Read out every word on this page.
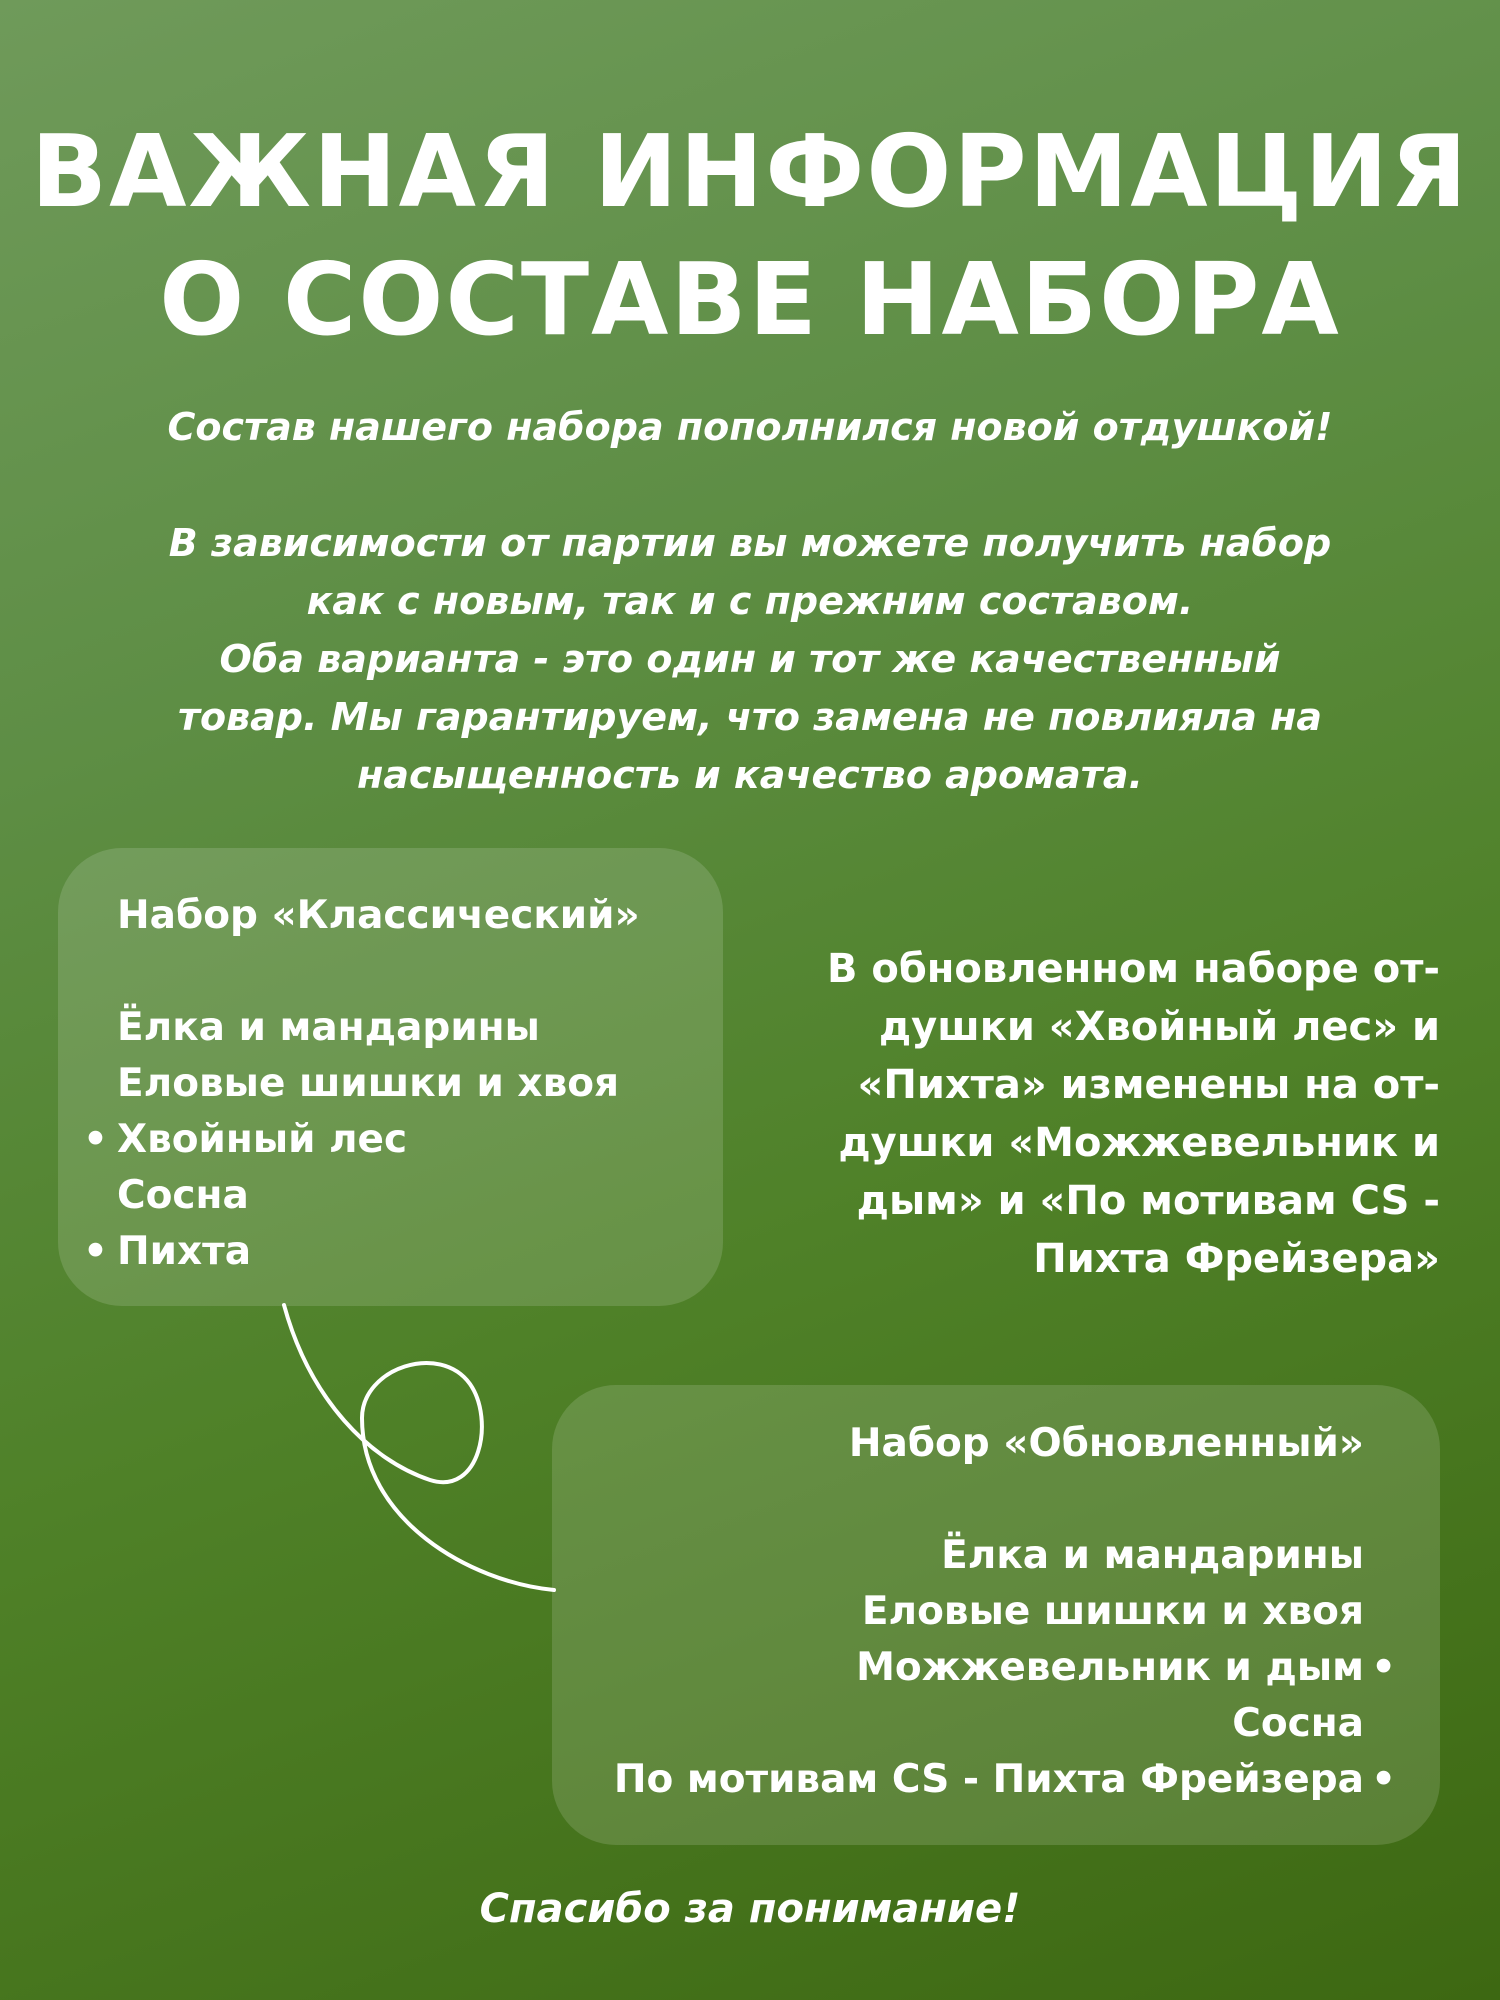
ВАЖНАЯ ИНФОРМАЦИЯ
О СОСТАВЕ НАБОРА

Состав нашего набора пополнился новой отдушкой!

В зависимости от партии вы можете получить набор

как с новым, так и с прежним составом.

Оба варианта - это один и тот же качественный

товар. Мы гарантируем, что замена не повлияла на

насыщенность и качество аромата.

Набор «Классический»
Ёлка и мандарины
Еловые шишки и хвоя
• Хвойный лес
Сосна
• Пихта
В обновленном наборе от-
душки «Хвойный лес» и
«Пихта» изменены на от-
душки «Можжевельник и
дым» и «По мотивам CS -
Пихта Фрейзера»
Набор «Обновленный»
Ёлка и мандарины
Еловые шишки и хвоя
Можжевельник и дым •
Сосна
По мотивам CS - Пихта Фрейзера •
Спасибо за понимание!
